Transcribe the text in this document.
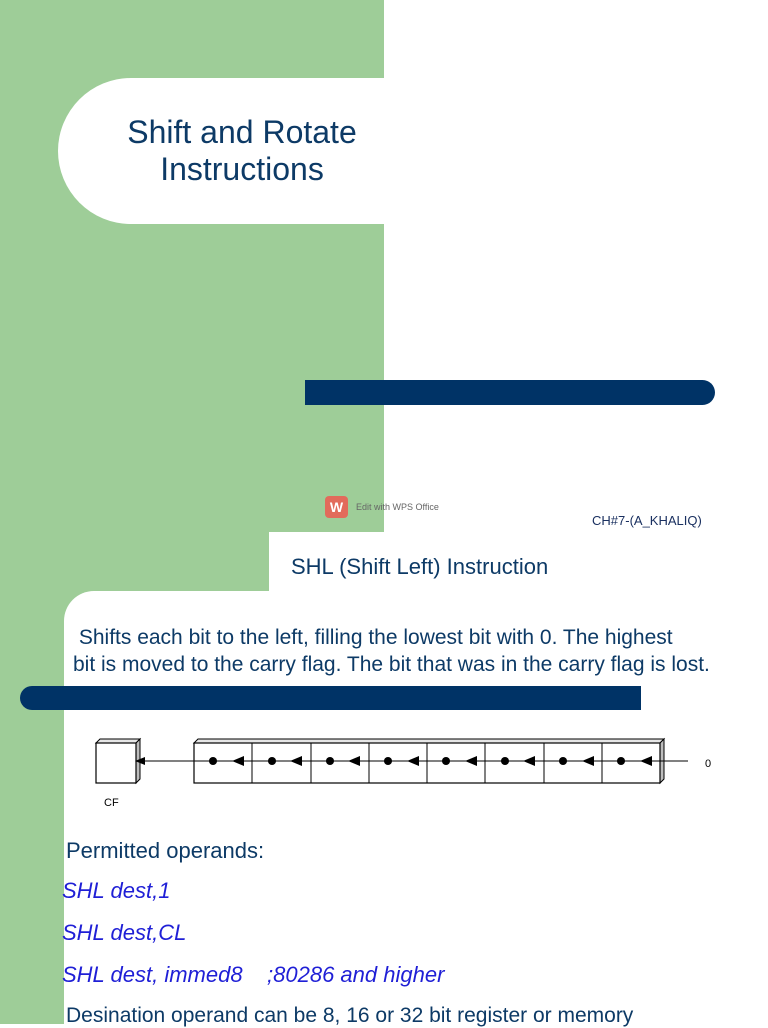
Shift and Rotate Instructions
W	Edit with WPS Office
CH#7-(A_KHALIQ)
SHL (Shift Left) Instruction
Shifts each bit to the left, filling the lowest bit with 0. The highest        bit is moved to the carry flag. The bit that was in the carry flag is lost.
CF
0
Permitted operands:
SHL dest,1
SHL dest,CL
SHL dest, immed8    ;80286 and higher
Desination operand can be 8, 16 or 32 bit register or memory
